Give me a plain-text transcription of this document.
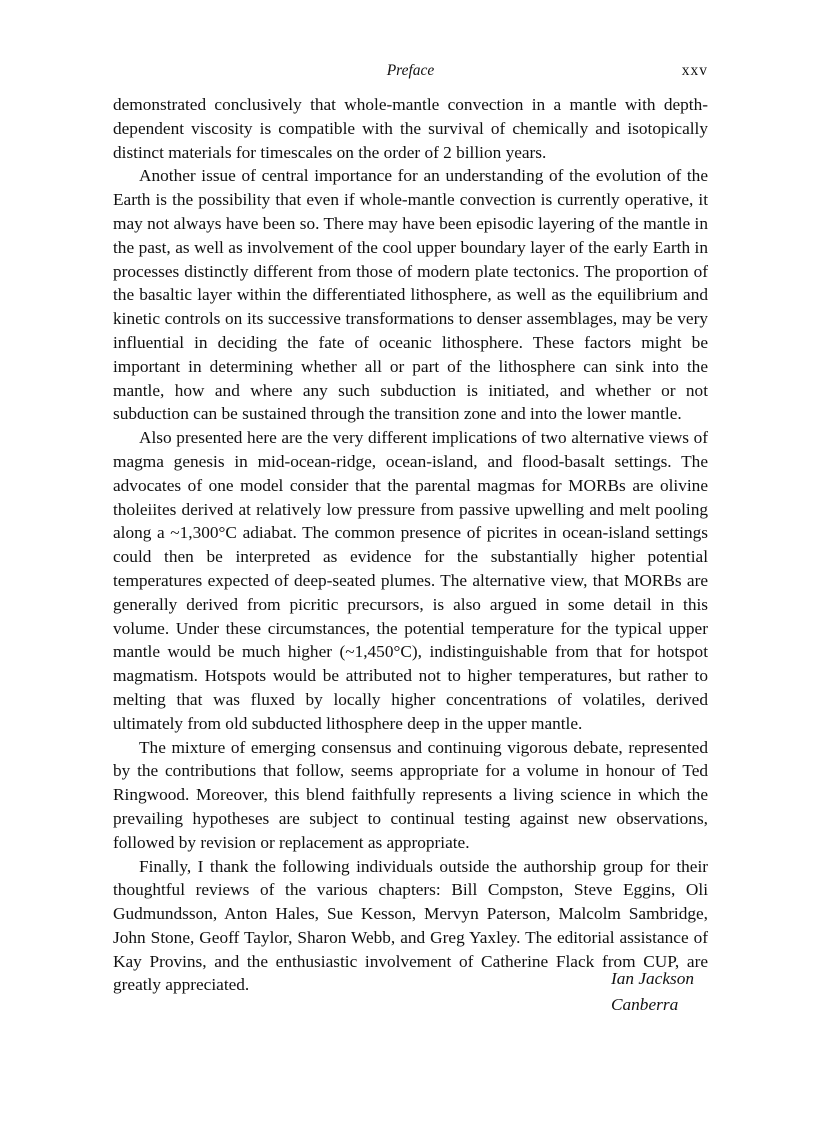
Preface	xxv

demonstrated conclusively that whole-mantle convection in a mantle with depth-dependent viscosity is compatible with the survival of chemically and isotopically distinct materials for timescales on the order of 2 billion years.

Another issue of central importance for an understanding of the evolution of the Earth is the possibility that even if whole-mantle convection is currently operative, it may not always have been so. There may have been episodic layering of the mantle in the past, as well as involvement of the cool upper boundary layer of the early Earth in processes distinctly different from those of modern plate tectonics. The proportion of the basaltic layer within the differentiated lithosphere, as well as the equilibrium and kinetic controls on its successive transformations to denser assemblages, may be very influential in deciding the fate of oceanic lithosphere. These factors might be important in determining whether all or part of the lithosphere can sink into the mantle, how and where any such subduction is initiated, and whether or not subduction can be sustained through the transition zone and into the lower mantle.

Also presented here are the very different implications of two alternative views of magma genesis in mid-ocean-ridge, ocean-island, and flood-basalt settings. The advocates of one model consider that the parental magmas for MORBs are olivine tholeiites derived at relatively low pressure from passive upwelling and melt pooling along a ~1,300°C adiabat. The common presence of picrites in ocean-island settings could then be interpreted as evidence for the substantially higher potential temperatures expected of deep-seated plumes. The alternative view, that MORBs are generally derived from picritic precursors, is also argued in some detail in this volume. Under these circumstances, the potential temperature for the typical upper mantle would be much higher (~1,450°C), indistinguishable from that for hotspot magmatism. Hotspots would be attributed not to higher temperatures, but rather to melting that was fluxed by locally higher concentrations of volatiles, derived ultimately from old subducted lithosphere deep in the upper mantle.

The mixture of emerging consensus and continuing vigorous debate, represented by the contributions that follow, seems appropriate for a volume in honour of Ted Ringwood. Moreover, this blend faithfully represents a living science in which the prevailing hypotheses are subject to continual testing against new observations, followed by revision or replacement as appropriate.

Finally, I thank the following individuals outside the authorship group for their thoughtful reviews of the various chapters: Bill Compston, Steve Eggins, Oli Gudmundsson, Anton Hales, Sue Kesson, Mervyn Paterson, Malcolm Sambridge, John Stone, Geoff Taylor, Sharon Webb, and Greg Yaxley. The editorial assistance of Kay Provins, and the enthusiastic involvement of Catherine Flack from CUP, are greatly appreciated.	Ian Jackson
Canberra
